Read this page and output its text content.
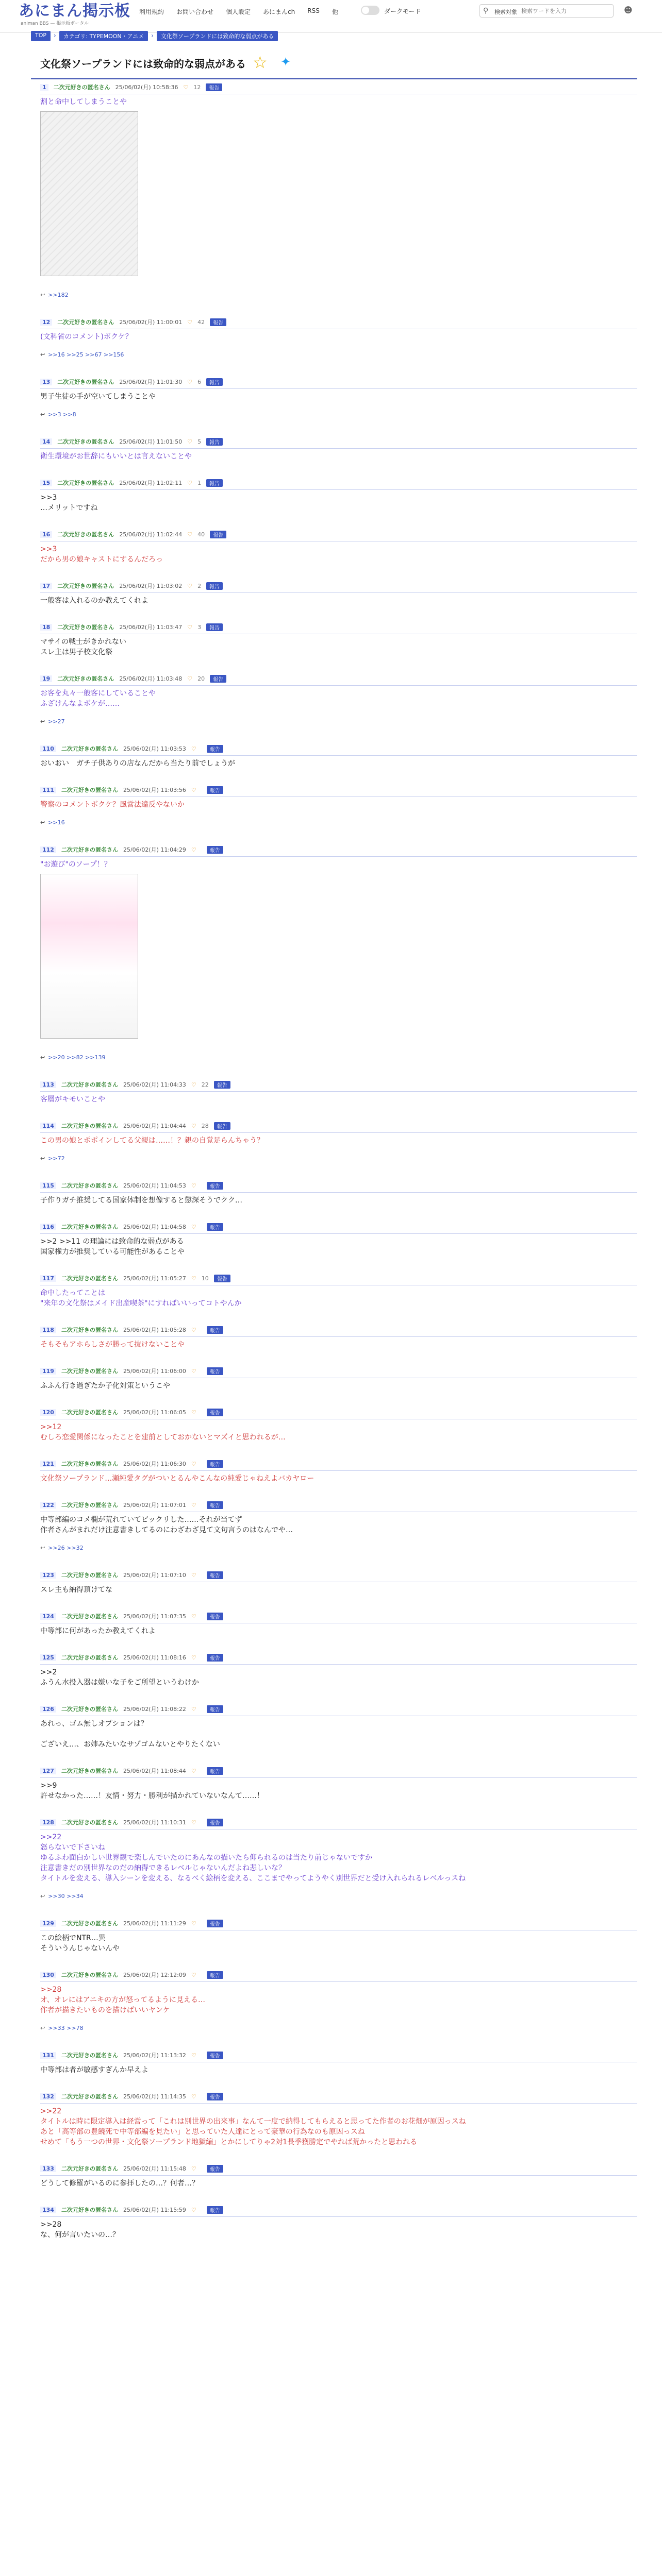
あにまん掲示板
animan BBS — 掲示板ポータル
利用規約 お問い合わせ 個人設定 あにまんch RSS 他	ダークモード	⚲ 検索対象
検索ワードを入力	☻
TOP	›	カテゴリ: TYPEMOON・アニメ	›	文化祭ソープランドには致命的な弱点がある
文化祭ソープランドには致命的な弱点がある ☆ ✦
1	二次元好きの匿名さん 25/06/02(月) 10:58:36 ♡ 12	報告
割と命中してしまうことや
↩ >>182
12	二次元好きの匿名さん 25/06/02(月) 11:00:01 ♡ 42	報告
(文科省のコメント)ボクケ？
↩ >>16 >>25 >>67 >>156
13	二次元好きの匿名さん 25/06/02(月) 11:01:30 ♡ 6	報告
男子生徒の手が空いてしまうことや
↩ >>3 >>8
14	二次元好きの匿名さん 25/06/02(月) 11:01:50 ♡ 5	報告
衛生環境がお世辞にもいいとは言えないことや
15	二次元好きの匿名さん 25/06/02(月) 11:02:11 ♡ 1	報告
>>3
…メリットですね
16	二次元好きの匿名さん 25/06/02(月) 11:02:44 ♡ 40	報告
>>3
だから男の娘キャストにするんだろっ
17	二次元好きの匿名さん 25/06/02(月) 11:03:02 ♡ 2	報告
一般客は入れるのか教えてくれよ
18	二次元好きの匿名さん 25/06/02(月) 11:03:47 ♡ 3	報告
マサイの戦士がきかれない
スレ主は男子校文化祭
19	二次元好きの匿名さん 25/06/02(月) 11:03:48 ♡ 20	報告
お客を丸々一般客にしていることや
ふざけんなよボケが……
↩ >>27
110	二次元好きの匿名さん 25/06/02(月) 11:03:53 ♡	報告
おいおい　ガチ子供ありの店なんだから当たり前でしょうが
111	二次元好きの匿名さん 25/06/02(月) 11:03:56 ♡	報告
警察のコメントボクケ？風営法違反やないか
↩ >>16
112	二次元好きの匿名さん 25/06/02(月) 11:04:29 ♡	報告
"お遊び"のソープ！？
↩ >>20 >>82 >>139
113	二次元好きの匿名さん 25/06/02(月) 11:04:33 ♡ 22	報告
客層がキモいことや
114	二次元好きの匿名さん 25/06/02(月) 11:04:44 ♡ 28	報告
この男の娘とポポインしてる父親は……！？親の自覚足らんちゃう？
↩ >>72
115	二次元好きの匿名さん 25/06/02(月) 11:04:53 ♡	報告
子作りガチ推奨してる国家体制を想像すると懲深そうでクク…
116	二次元好きの匿名さん 25/06/02(月) 11:04:58 ♡	報告
>>2 >>11 の理論には致命的な弱点がある
国家権力が推奨している可能性があることや
117	二次元好きの匿名さん 25/06/02(月) 11:05:27 ♡ 10	報告
命中したってことは
"来年の文化祭はメイド出産喫茶"にすればいいってコトやんか
118	二次元好きの匿名さん 25/06/02(月) 11:05:28 ♡	報告
そもそもアホらしさが勝って抜けないことや
119	二次元好きの匿名さん 25/06/02(月) 11:06:00 ♡	報告
ふふん行き過ぎたか子化対策というこや
120	二次元好きの匿名さん 25/06/02(月) 11:06:05 ♡	報告
>>12
むしろ恋愛関係になったことを建前としておかないとマズイと思われるが…
121	二次元好きの匿名さん 25/06/02(月) 11:06:30 ♡	報告
文化祭ソープランド…瀬純愛タグがついとるんやこんなの純愛じゃねえよバカヤロー
122	二次元好きの匿名さん 25/06/02(月) 11:07:01 ♡	報告
中等部編のコメ欄が荒れていてビックリした……それが当てず
作者さんがまれだけ注意書きしてるのにわざわざ見て文句言うのはなんでや…
↩ >>26 >>32
123	二次元好きの匿名さん 25/06/02(月) 11:07:10 ♡	報告
スレ主も納得頂けてな
124	二次元好きの匿名さん 25/06/02(月) 11:07:35 ♡	報告
中等部に何があったか教えてくれよ
125	二次元好きの匿名さん 25/06/02(月) 11:08:16 ♡	報告
>>2
ふうん水投入器は嫌いな子をご所望というわけか
126	二次元好きの匿名さん 25/06/02(月) 11:08:22 ♡	報告
あれっ、ゴム無しオプションは？

ございえ…、お姉みたいなサゾゴムないとやりたくない
127	二次元好きの匿名さん 25/06/02(月) 11:08:44 ♡	報告
>>9
許せなかった……！友情・努力・勝利が描かれていないなんて……！
128	二次元好きの匿名さん 25/06/02(月) 11:10:31 ♡	報告
>>22
怒らないで下さいね
ゆるふわ面白かしい世界観で楽しんでいたのにあんなの描いたら仰られるのは当たり前じゃないですか
注意書きだの別世界なのだの納得できるレベルじゃないんだよね悲しいな？
タイトルを変える、導入シーンを変える、なるべく絵柄を変える、ここまでやってようやく別世界だと受け入れられるレベルっスね
↩ >>30 >>34
129	二次元好きの匿名さん 25/06/02(月) 11:11:29 ♡	報告
この絵柄でNTR…異
そういうんじゃないんや
130	二次元好きの匿名さん 25/06/02(月) 12:12:09 ♡	報告
>>28
オ、オレにはアニキの方が怒ってるように見える…
作者が描きたいものを描けばいいヤンケ
↩ >>33 >>78
131	二次元好きの匿名さん 25/06/02(月) 11:13:32 ♡	報告
中等部は者が敏感すぎんか早えよ
132	二次元好きの匿名さん 25/06/02(月) 11:14:35 ♡	報告
>>22
タイトルは時に限定導入は経営って「これは別世界の出来事」なんて一度で納得してもらえると思ってた作者のお花畑が原因っスね
あと「高等部の豊饒死で中等部編を見たい」と思っていた人達にとって豪華の行為なのも原因っスね
せめて「もう一つの世界・文化祭ソープランド地獄編」とかにしてりゃ2対1長季獲勝定でやれば荒かったと思われる
133	二次元好きの匿名さん 25/06/02(月) 11:15:48 ♡	報告
どうして修羅がいるのに参拝したの…？何者…？
134	二次元好きの匿名さん 25/06/02(月) 11:15:59 ♡	報告
>>28
な、何が言いたいの…？
